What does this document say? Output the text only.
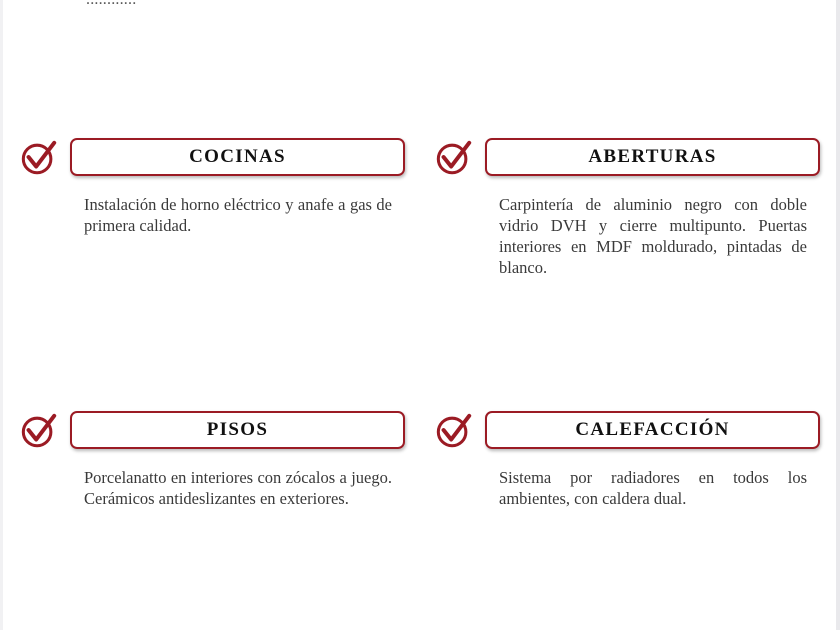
COCINAS
Instalación de horno eléctrico y anafe a gas de primera calidad.
ABERTURAS
Carpintería de aluminio negro con doble vidrio DVH y cierre multipunto. Puertas interiores en MDF moldurado, pintadas de blanco.
PISOS
Porcelanatto en interiores con zócalos a juego. Cerámicos antideslizantes en exteriores.
CALEFACCIÓN
Sistema por radiadores en todos los ambientes, con caldera dual.
